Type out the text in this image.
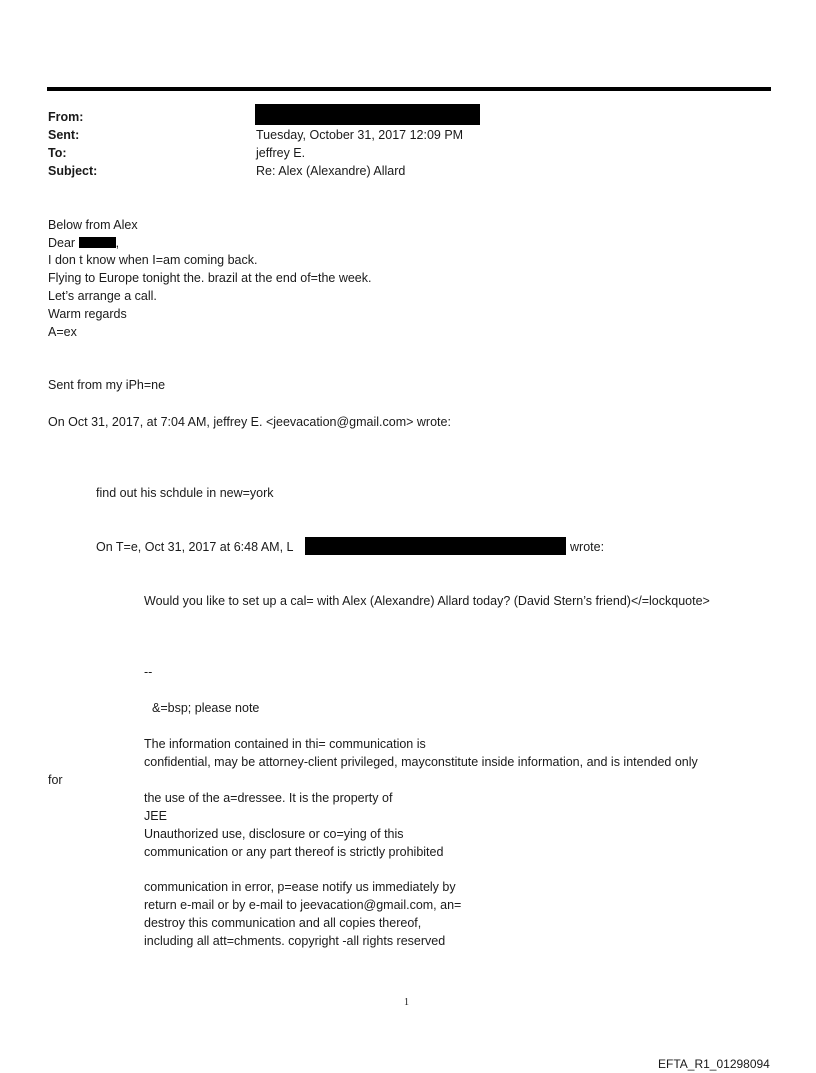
From:
Sent:	Tuesday, October 31, 2017 12:09 PM
To:	jeffrey E.
Subject:	Re: Alex (Alexandre) Allard
Below from Alex
Dear	,
I don t know when I=am coming back.
Flying to Europe tonight the. brazil at the end of=the week.
Let’s arrange a call.
Warm regards
A=ex
Sent from my iPh=ne
On Oct 31, 2017, at 7:04 AM, jeffrey E. <jeevacation@gmail.com> wrote:
find out his schdule in new=york
On T=e, Oct 31, 2017 at 6:48 AM, L	wrote:
Would you like to set up a cal= with Alex (Alexandre) Allard today? (David Stern’s friend)</=lockquote>
--
&=bsp; please note
The information contained in thi= communication is
confidential, may be attorney-client privileged, mayconstitute inside information, and is intended only
for
the use of the a=dressee. It is the property of
JEE
Unauthorized use, disclosure or co=ying of this
communication or any part thereof is strictly prohibited
communication in error, p=ease notify us immediately by
return e-mail or by e-mail to jeevacation@gmail.com, an=
destroy this communication and all copies thereof,
including all att=chments. copyright -all rights reserved
1
EFTA_R1_01298094
